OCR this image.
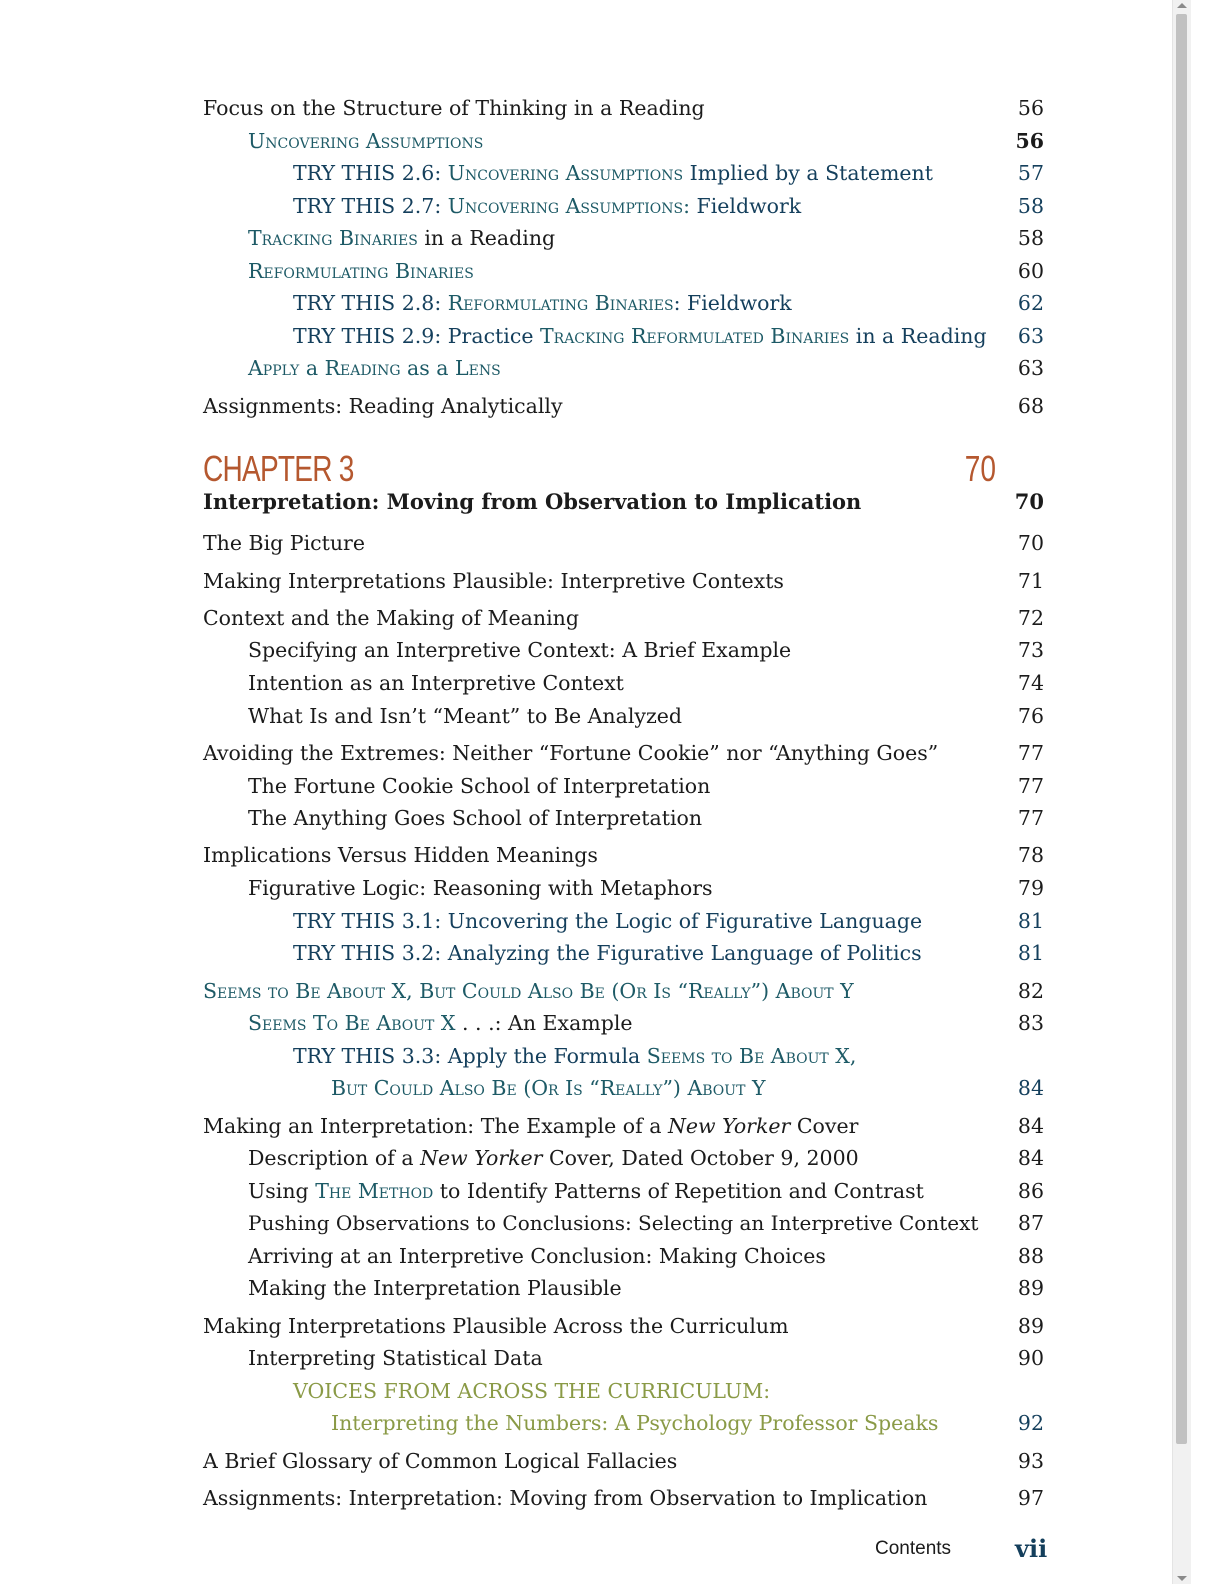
Focus on the Structure of Thinking in a Reading	56
Uncovering Assumptions	56
TRY THIS 2.6: Uncovering Assumptions Implied by a Statement	57
TRY THIS 2.7: Uncovering Assumptions: Fieldwork	58
Tracking Binaries in a Reading	58
Reformulating Binaries	60
TRY THIS 2.8: Reformulating Binaries: Fieldwork	62
TRY THIS 2.9: Practice Tracking Reformulated Binaries in a Reading 63
Apply a Reading as a Lens	63
Assignments: Reading Analytically	68
CHAPTER 3	70
Interpretation: Moving from Observation to Implication	70
The Big Picture	70
Making Interpretations Plausible: Interpretive Contexts	71
Context and the Making of Meaning	72
Specifying an Interpretive Context: A Brief Example	73
Intention as an Interpretive Context	74
What Is and Isn’t “Meant” to Be Analyzed	76
Avoiding the Extremes: Neither “Fortune Cookie” nor “Anything Goes”	77
The Fortune Cookie School of Interpretation	77
The Anything Goes School of Interpretation	77
Implications Versus Hidden Meanings	78
Figurative Logic: Reasoning with Metaphors	79
TRY THIS 3.1: Uncovering the Logic of Figurative Language	81
TRY THIS 3.2: Analyzing the Figurative Language of Politics	81
Seems to Be About X, But Could Also Be (Or Is “Really”) About Y	82
Seems To Be About X . . .: An Example	83
TRY THIS 3.3: Apply the Formula Seems to Be About X,
But Could Also Be (Or Is “Really”) About Y	84
Making an Interpretation: The Example of a New Yorker Cover	84
Description of a New Yorker Cover, Dated October 9, 2000	84
Using The Method to Identify Patterns of Repetition and Contrast	86
Pushing Observations to Conclusions: Selecting an Interpretive Context 87
Arriving at an Interpretive Conclusion: Making Choices	88
Making the Interpretation Plausible	89
Making Interpretations Plausible Across the Curriculum	89
Interpreting Statistical Data	90
VOICES FROM ACROSS THE CURRICULUM:
Interpreting the Numbers: A Psychology Professor Speaks	92
A Brief Glossary of Common Logical Fallacies	93
Assignments: Interpretation: Moving from Observation to Implication	97
Contents	vii
